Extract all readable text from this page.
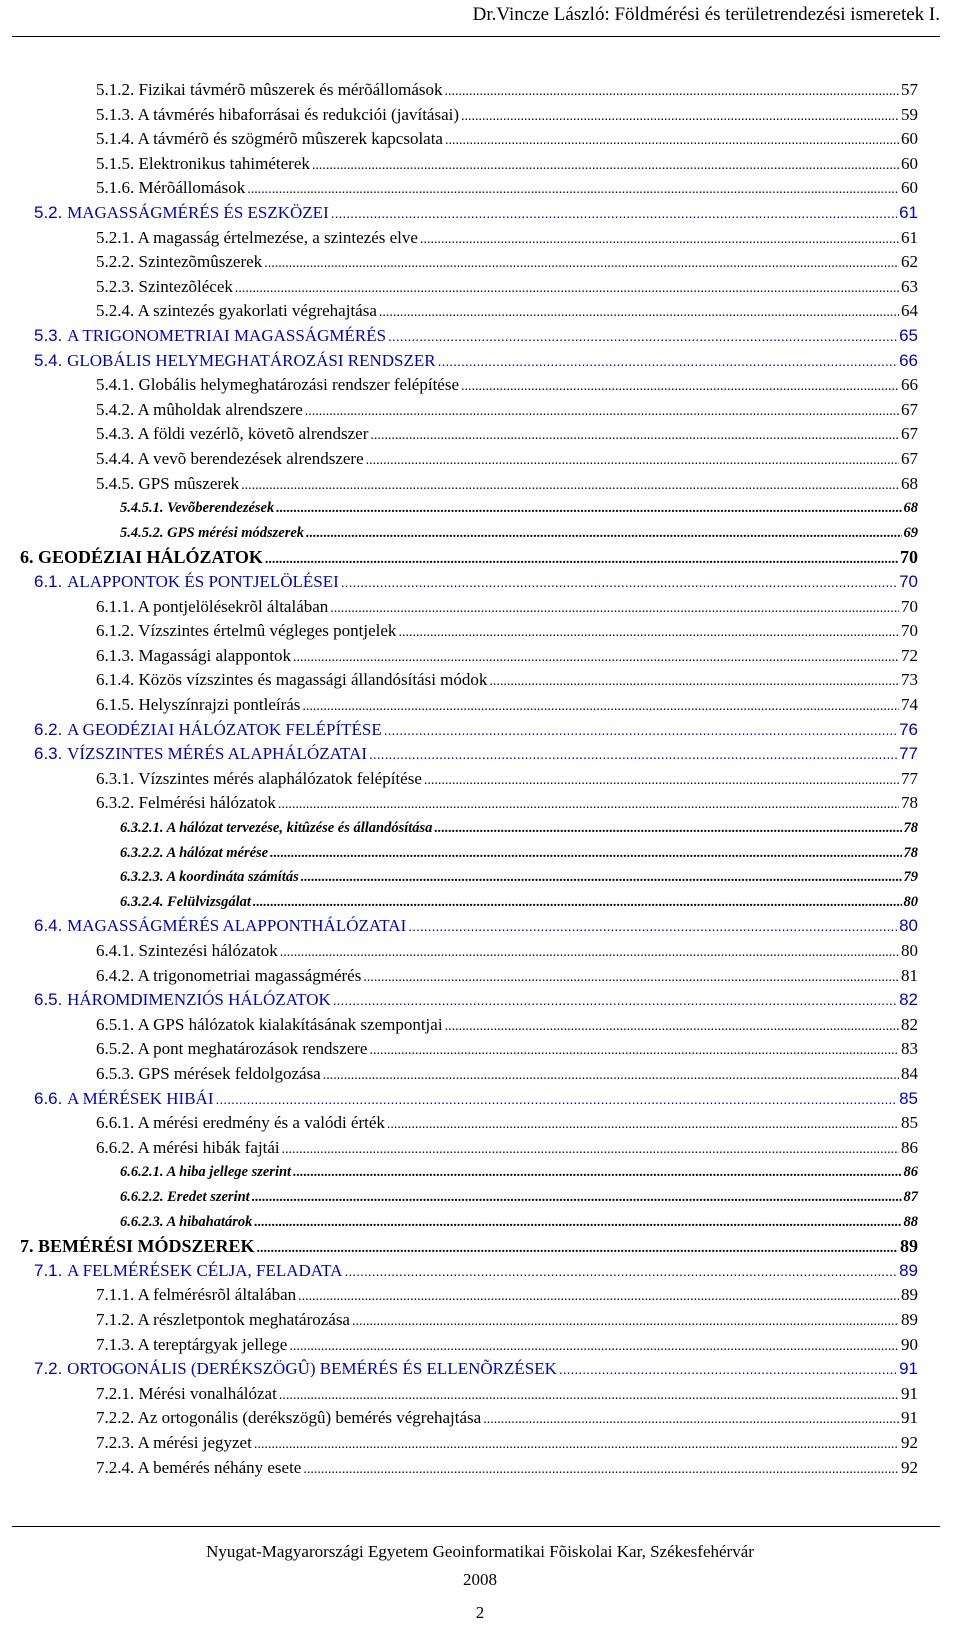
Dr.Vincze László: Földmérési és területrendezési ismeretek I.
5.1.2. Fizikai távmérõ mûszerek és mérõállomások .....	57
5.1.3. A távmérés hibaforrásai és redukciói (javításai) .....	59
5.1.4. A távmérõ és szögmérõ mûszerek kapcsolata .....	60
5.1.5. Elektronikus tahiméterek .....	60
5.1.6. Mérõállomások .....	60
5.2. MAGASSÁGMÉRÉS ÉS ESZKÖZEI .....	61
5.2.1. A magasság értelmezése, a szintezés elve .....	61
5.2.2. Szintezõmûszerek .....	62
5.2.3. Szintezõlécek .....	63
5.2.4. A szintezés gyakorlati végrehajtása .....	64
5.3. A TRIGONOMETRIAI MAGASSÁGMÉRÉS .....	65
5.4. GLOBÁLIS HELYMEGHATÁROZÁSI RENDSZER .....	66
5.4.1. Globális helymeghatározási rendszer felépítése .....	66
5.4.2. A mûholdak alrendszere .....	67
5.4.3. A földi vezérlõ, követõ alrendszer .....	67
5.4.4. A vevõ berendezések alrendszere .....	67
5.4.5. GPS mûszerek .....	68
5.4.5.1. Vevõberendezések .....	68
5.4.5.2. GPS mérési módszerek .....	69
6. GEODÉZIAI HÁLÓZATOK .....	70
6.1. ALAPPONTOK ÉS PONTJELÖLÉSEI .....	70
6.1.1. A pontjelölésekrõl általában .....	70
6.1.2. Vízszintes értelmû végleges pontjelek .....	70
6.1.3. Magassági alappontok .....	72
6.1.4. Közös vízszintes és magassági állandósítási módok .....	73
6.1.5. Helyszínrajzi pontleírás .....	74
6.2. A GEODÉZIAI HÁLÓZATOK FELÉPÍTÉSE .....	76
6.3. VÍZSZINTES MÉRÉS ALAPHÁLÓZATAI .....	77
6.3.1. Vízszintes mérés alaphálózatok felépítése .....	77
6.3.2. Felmérési hálózatok .....	78
6.3.2.1. A hálózat tervezése, kitûzése és állandósítása .....	78
6.3.2.2. A hálózat mérése .....	78
6.3.2.3. A koordináta számítás .....	79
6.3.2.4. Felülvizsgálat .....	80
6.4. MAGASSÁGMÉRÉS ALAPPONTHÁLÓZATAI .....	80
6.4.1. Szintezési hálózatok .....	80
6.4.2. A trigonometriai magasságmérés .....	81
6.5. HÁROMDIMENZIÓS HÁLÓZATOK .....	82
6.5.1. A GPS hálózatok kialakításának szempontjai .....	82
6.5.2. A pont meghatározások rendszere .....	83
6.5.3. GPS mérések feldolgozása .....	84
6.6. A MÉRÉSEK HIBÁI .....	85
6.6.1. A mérési eredmény és a valódi érték .....	85
6.6.2. A mérési hibák fajtái .....	86
6.6.2.1. A hiba jellege szerint .....	86
6.6.2.2. Eredet szerint .....	87
6.6.2.3. A hibahatárok .....	88
7. BEMÉRÉSI MÓDSZEREK .....	89
7.1. A FELMÉRÉSEK CÉLJA, FELADATA .....	89
7.1.1. A felmérésrõl általában .....	89
7.1.2. A részletpontok meghatározása .....	89
7.1.3. A tereptárgyak jellege .....	90
7.2. ORTOGONÁLIS (DERÉKSZÖGÛ) BEMÉRÉS ÉS ELLENÕRZÉSEK .....	91
7.2.1. Mérési vonalhálózat .....	91
7.2.2. Az ortogonális (derékszögû) bemérés végrehajtása .....	91
7.2.3. A mérési jegyzet .....	92
7.2.4. A bemérés néhány esete .....	92
Nyugat-Magyarországi Egyetem Geoinformatikai Fõiskolai Kar, Székesfehérvár
2008
2
